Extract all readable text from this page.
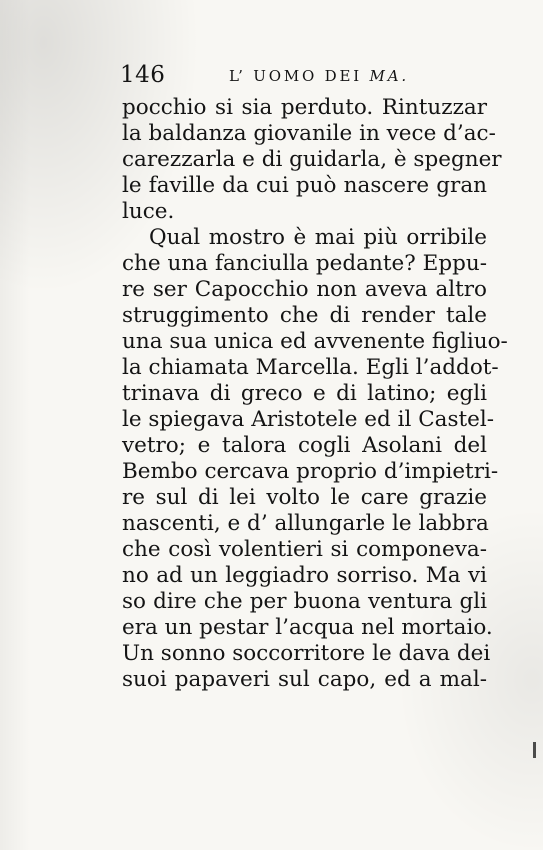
146	L’ UOMO DEI MA.
pocchio si sia perduto. Rintuzzar
la baldanza giovanile in vece d’ac-
carezzarla e di guidarla, è spegner
le faville da cui può nascere gran
luce.
Qual mostro è mai più orribile
che una fanciulla pedante? Eppu-
re ser Capocchio non aveva altro
struggimento che di render tale
una sua unica ed avvenente figliuo-
la chiamata Marcella. Egli l’addot-
trinava di greco e di latino; egli
le spiegava Aristotele ed il Castel-
vetro; e talora cogli Asolani del
Bembo cercava proprio d’impietri-
re sul di lei volto le care grazie
nascenti, e d’ allungarle le labbra
che così volentieri si componeva-
no ad un leggiadro sorriso. Ma vi
so dire che per buona ventura gli
era un pestar l’acqua nel mortaio.
Un sonno soccorritore le dava dei
suoi papaveri sul capo, ed a mal-
